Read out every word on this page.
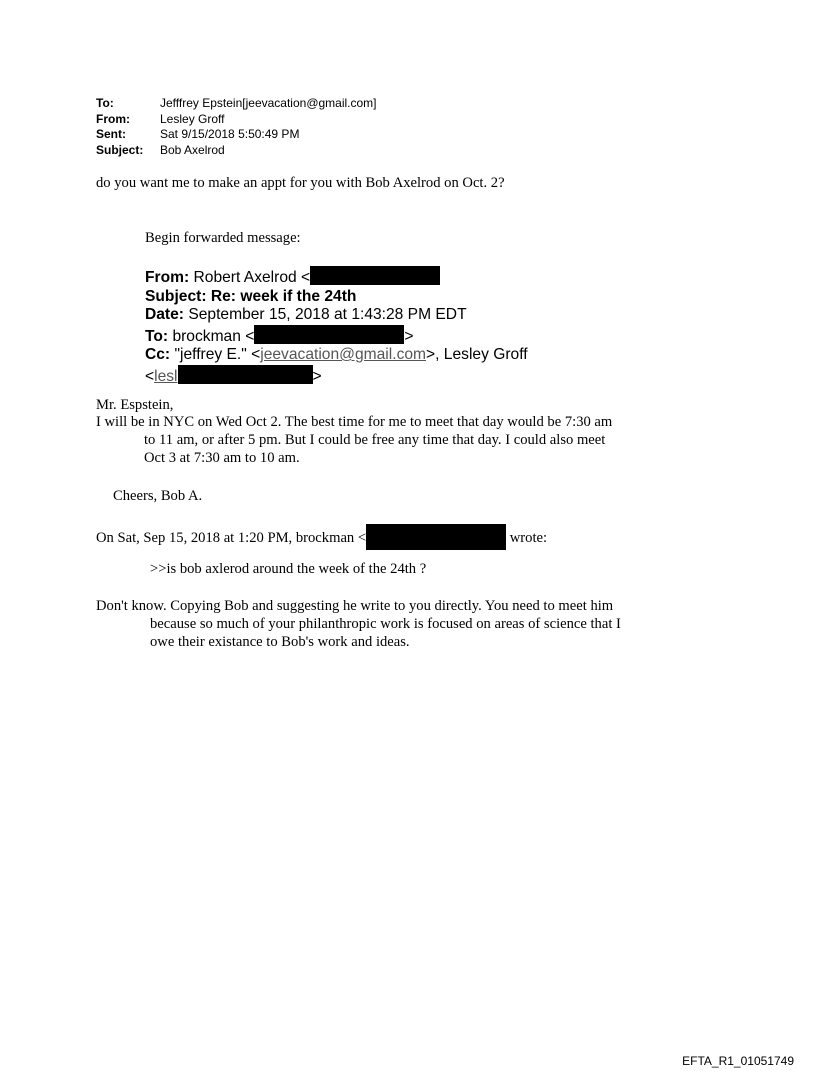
To:	Jefffrey Epstein[jeevacation@gmail.com]
From:	Lesley Groff
Sent:	Sat 9/15/2018 5:50:49 PM
Subject:	Bob Axelrod
do you want me to make an appt for you with Bob Axelrod on Oct. 2?
Begin forwarded message:
From: Robert Axelrod <
Subject: Re: week if the 24th
Date: September 15, 2018 at 1:43:28 PM EDT
To: brockman <	>
Cc: "jeffrey E." <jeevacation@gmail.com>, Lesley Groff
<lesl	>
Mr. Espstein,
I will be in NYC on Wed Oct 2. The best time for me to meet that day would be 7:30 am
to 11 am, or after 5 pm. But I could be free any time that day. I could also meet
Oct 3 at 7:30 am to 10 am.
Cheers, Bob A.
On Sat, Sep 15, 2018 at 1:20 PM, brockman <	wrote:
>>is bob axlerod around the week of the 24th ?
Don't know. Copying Bob and suggesting he write to you directly. You need to meet him
because so much of your philanthropic work is focused on areas of science that I
owe their existance to Bob's work and ideas.
EFTA_R1_01051749
